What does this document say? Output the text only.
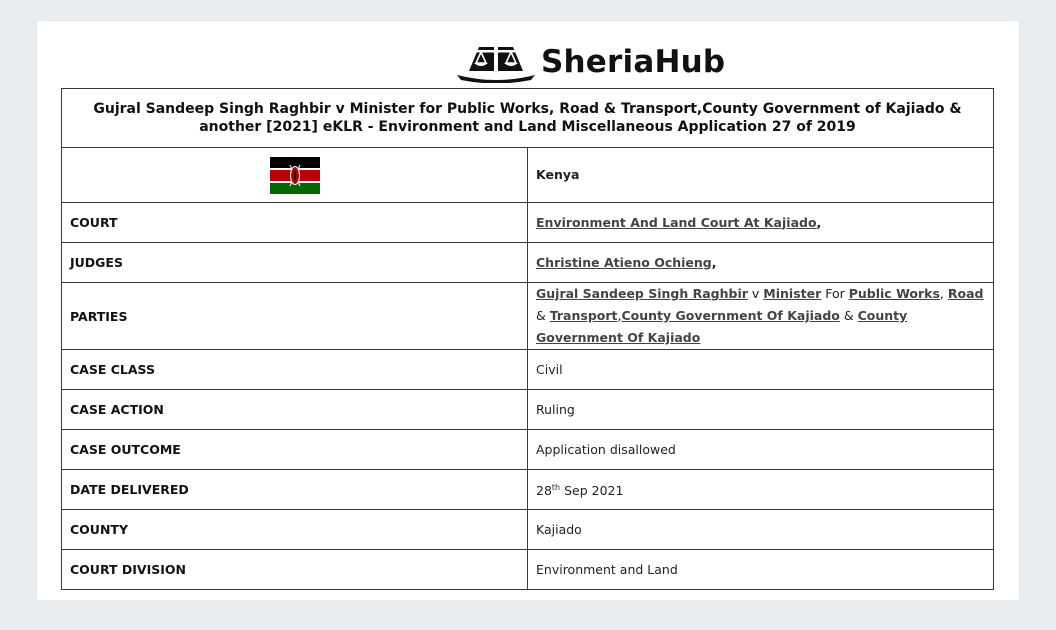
SheriaHub
Gujral Sandeep Singh Raghbir v Minister for Public Works, Road & Transport,County Government of Kajiado & another [2021] eKLR - Environment and Land Miscellaneous Application 27 of 2019	
	Kenya
COURT	Environment And Land Court At Kajiado,
JUDGES	Christine Atieno Ochieng,
PARTIES	Gujral Sandeep Singh Raghbir v Minister For Public Works, Road & Transport,County Government Of Kajiado & County Government Of Kajiado
CASE CLASS	Civil
CASE ACTION	Ruling
CASE OUTCOME	Application disallowed
DATE DELIVERED	28th Sep 2021
COUNTY	Kajiado
COURT DIVISION	Environment and Land
